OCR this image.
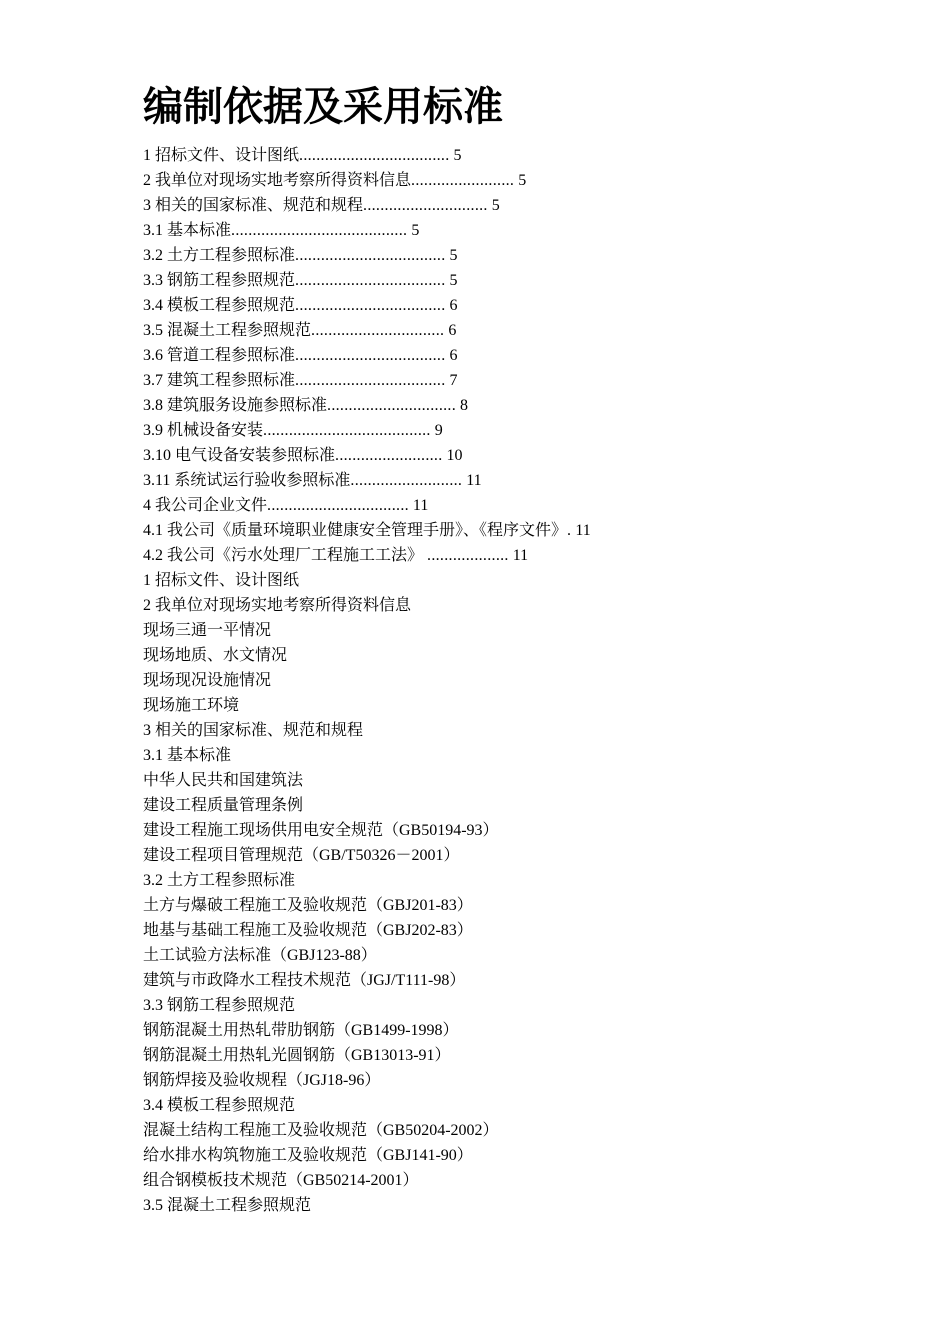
编制依据及采用标准
1 招标文件、设计图纸................................... 5
2 我单位对现场实地考察所得资料信息........................ 5
3 相关的国家标准、规范和规程............................. 5
3.1 基本标准......................................... 5
3.2 土方工程参照标准................................... 5
3.3 钢筋工程参照规范................................... 5
3.4 模板工程参照规范................................... 6
3.5 混凝土工程参照规范............................... 6
3.6 管道工程参照标准................................... 6
3.7 建筑工程参照标准................................... 7
3.8 建筑服务设施参照标准.............................. 8
3.9 机械设备安装....................................... 9
3.10 电气设备安装参照标准......................... 10
3.11 系统试运行验收参照标准.......................... 11
4 我公司企业文件................................. 11
4.1 我公司《质量环境职业健康安全管理手册》、《程序文件》. 11
4.2 我公司《污水处理厂工程施工工法》 ................... 11
1 招标文件、设计图纸
2 我单位对现场实地考察所得资料信息
现场三通一平情况
现场地质、水文情况
现场现况设施情况
现场施工环境
3 相关的国家标准、规范和规程
3.1 基本标准
中华人民共和国建筑法
建设工程质量管理条例
建设工程施工现场供用电安全规范（GB50194-93）
建设工程项目管理规范（GB/T50326－2001）
3.2 土方工程参照标准
土方与爆破工程施工及验收规范（GBJ201-83）
地基与基础工程施工及验收规范（GBJ202-83）
土工试验方法标准（GBJ123-88）
建筑与市政降水工程技术规范（JGJ/T111-98）
3.3 钢筋工程参照规范
钢筋混凝土用热轧带肋钢筋（GB1499-1998）
钢筋混凝土用热轧光圆钢筋（GB13013-91）
钢筋焊接及验收规程（JGJ18-96）
3.4 模板工程参照规范
混凝土结构工程施工及验收规范（GB50204-2002）
给水排水构筑物施工及验收规范（GBJ141-90）
组合钢模板技术规范（GB50214-2001）
3.5 混凝土工程参照规范
